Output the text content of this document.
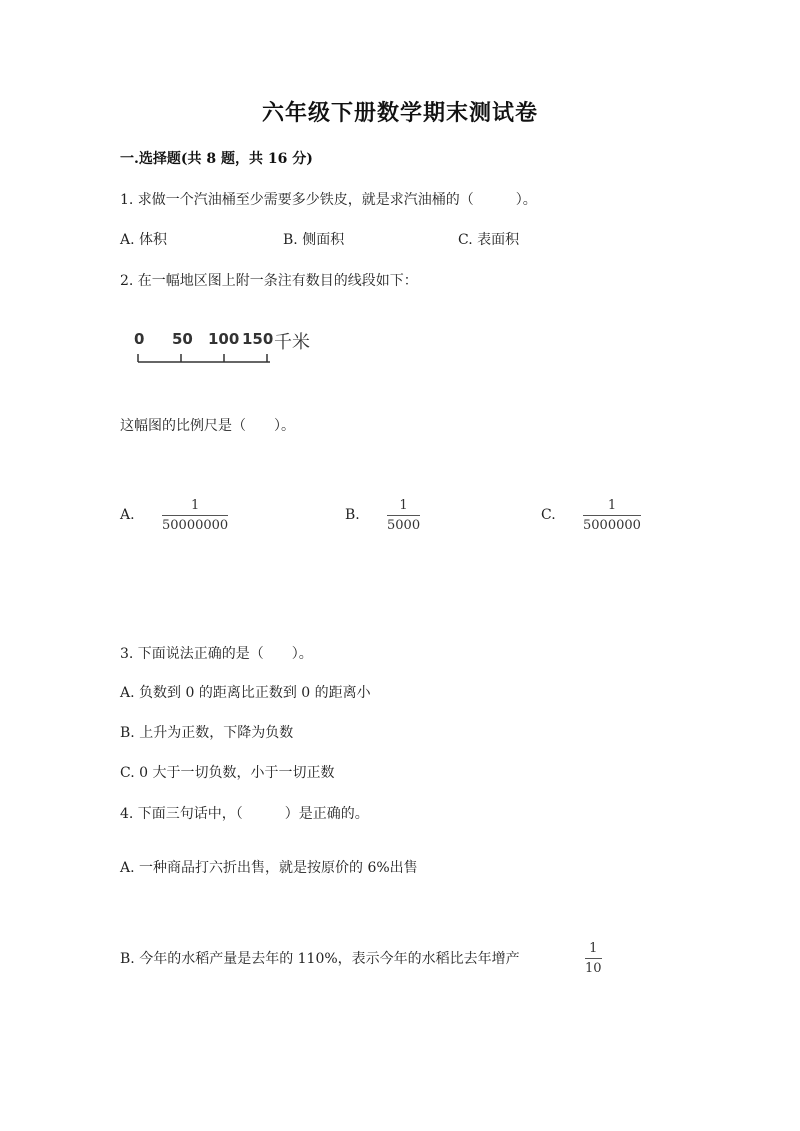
六年级下册数学期末测试卷
一.选择题(共 8 题，共 16 分)
1. 求做一个汽油桶至少需要多少铁皮，就是求汽油桶的（　　　）。
A. 体积	B. 侧面积	C. 表面积
2. 在一幅地区图上附一条注有数目的线段如下：
0 50 100 150 千米
这幅图的比例尺是（　　）。
A.
1
50000000
B.
1
5000
C.
1
5000000
3. 下面说法正确的是（　　）。
A. 负数到 0 的距离比正数到 0 的距离小
B. 上升为正数，下降为负数
C. 0 大于一切负数，小于一切正数
4. 下面三句话中，（　　　）是正确的。
A. 一种商品打六折出售，就是按原价的 6%出售
B. 今年的水稻产量是去年的 110%，表示今年的水稻比去年增产
1
10
